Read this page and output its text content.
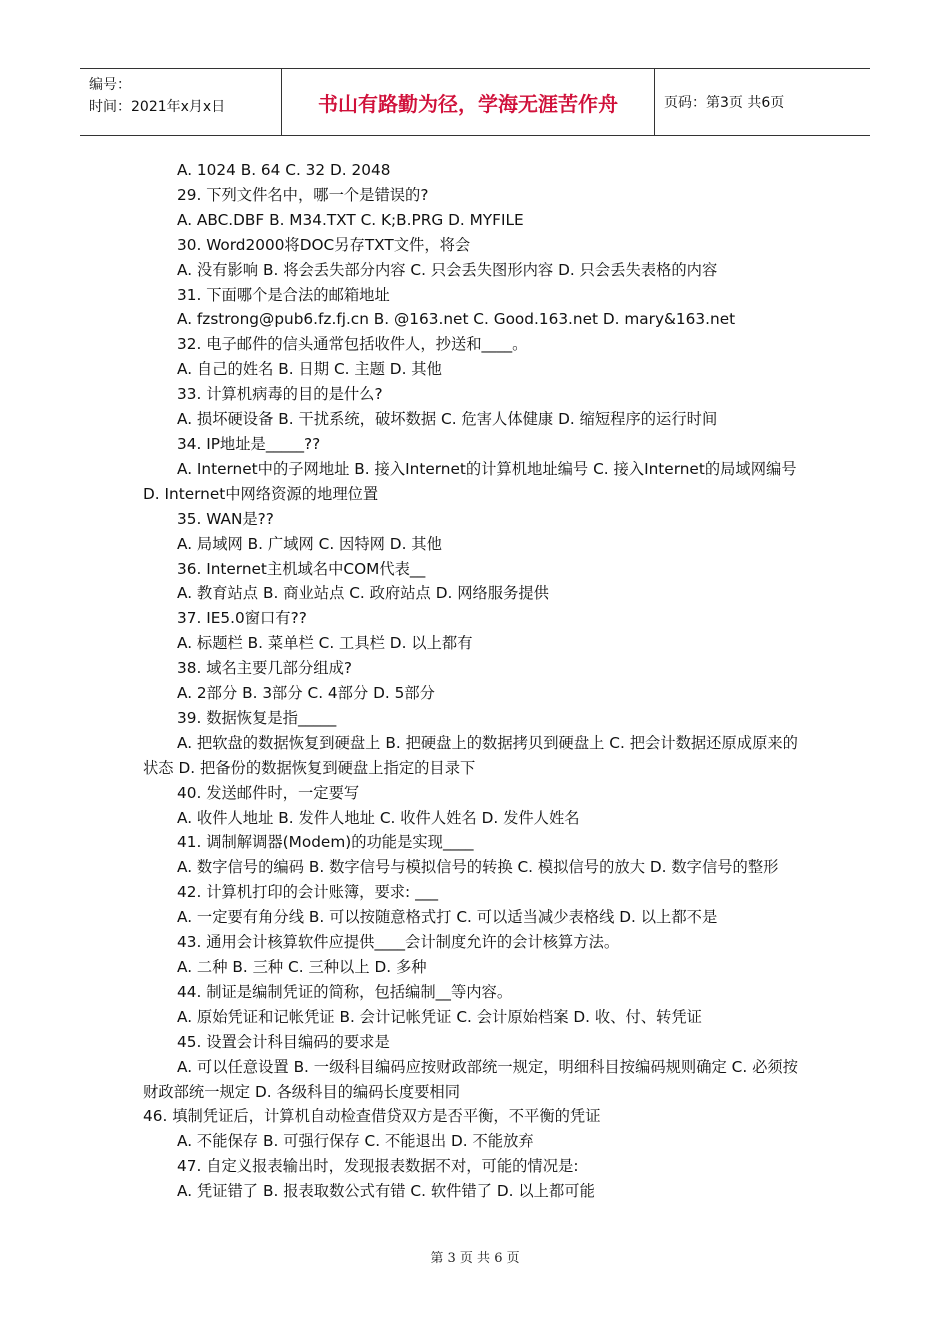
编号：
时间：2021年x月x日	书山有路勤为径，学海无涯苦作舟	页码：第3页 共6页
A. 1024 B. 64 C. 32 D. 2048
29. 下列文件名中，哪一个是错误的?
A. ABC.DBF B. M34.TXT C. K;B.PRG D. MYFILE
30. Word2000将DOC另存TXT文件，将会
A. 没有影响 B. 将会丢失部分内容 C. 只会丢失图形内容 D. 只会丢失表格的内容
31. 下面哪个是合法的邮箱地址
A. fzstrong@pub6.fz.fj.cn B. @163.net C. Good.163.net D. mary&163.net
32. 电子邮件的信头通常包括收件人，抄送和____。
A. 自己的姓名 B. 日期 C. 主题 D. 其他
33. 计算机病毒的目的是什么?
A. 损坏硬设备 B. 干扰系统，破坏数据 C. 危害人体健康 D. 缩短程序的运行时间
34. IP地址是_____??
A. Internet中的子网地址 B. 接入Internet的计算机地址编号 C. 接入Internet的局域网编号 D. Internet中网络资源的地理位置
35. WAN是??
A. 局域网 B. 广域网 C. 因特网 D. 其他
36. Internet主机域名中COM代表__
A. 教育站点 B. 商业站点 C. 政府站点 D. 网络服务提供
37. IE5.0窗口有??
A. 标题栏 B. 菜单栏 C. 工具栏 D. 以上都有
38. 域名主要几部分组成?
A. 2部分 B. 3部分 C. 4部分 D. 5部分
39. 数据恢复是指_____
A. 把软盘的数据恢复到硬盘上 B. 把硬盘上的数据拷贝到硬盘上 C. 把会计数据还原成原来的状态 D. 把备份的数据恢复到硬盘上指定的目录下
40. 发送邮件时，一定要写
A. 收件人地址 B. 发件人地址 C. 收件人姓名 D. 发件人姓名
41. 调制解调器(Modem)的功能是实现____
A. 数字信号的编码 B. 数字信号与模拟信号的转换 C. 模拟信号的放大 D. 数字信号的整形
42. 计算机打印的会计账簿，要求: ___
A. 一定要有角分线 B. 可以按随意格式打 C. 可以适当减少表格线 D. 以上都不是
43. 通用会计核算软件应提供____会计制度允许的会计核算方法。
A. 二种 B. 三种 C. 三种以上 D. 多种
44. 制证是编制凭证的简称，包括编制__等内容。
A. 原始凭证和记帐凭证 B. 会计记帐凭证 C. 会计原始档案 D. 收、付、转凭证
45. 设置会计科目编码的要求是
A. 可以任意设置 B. 一级科目编码应按财政部统一规定，明细科目按编码规则确定 C. 必须按财政部统一规定 D. 各级科目的编码长度要相同
46. 填制凭证后，计算机自动检查借贷双方是否平衡，不平衡的凭证
A. 不能保存 B. 可强行保存 C. 不能退出 D. 不能放弃
47. 自定义报表输出时，发现报表数据不对，可能的情况是:
A. 凭证错了 B. 报表取数公式有错 C. 软件错了 D. 以上都可能
第 3 页 共 6 页
